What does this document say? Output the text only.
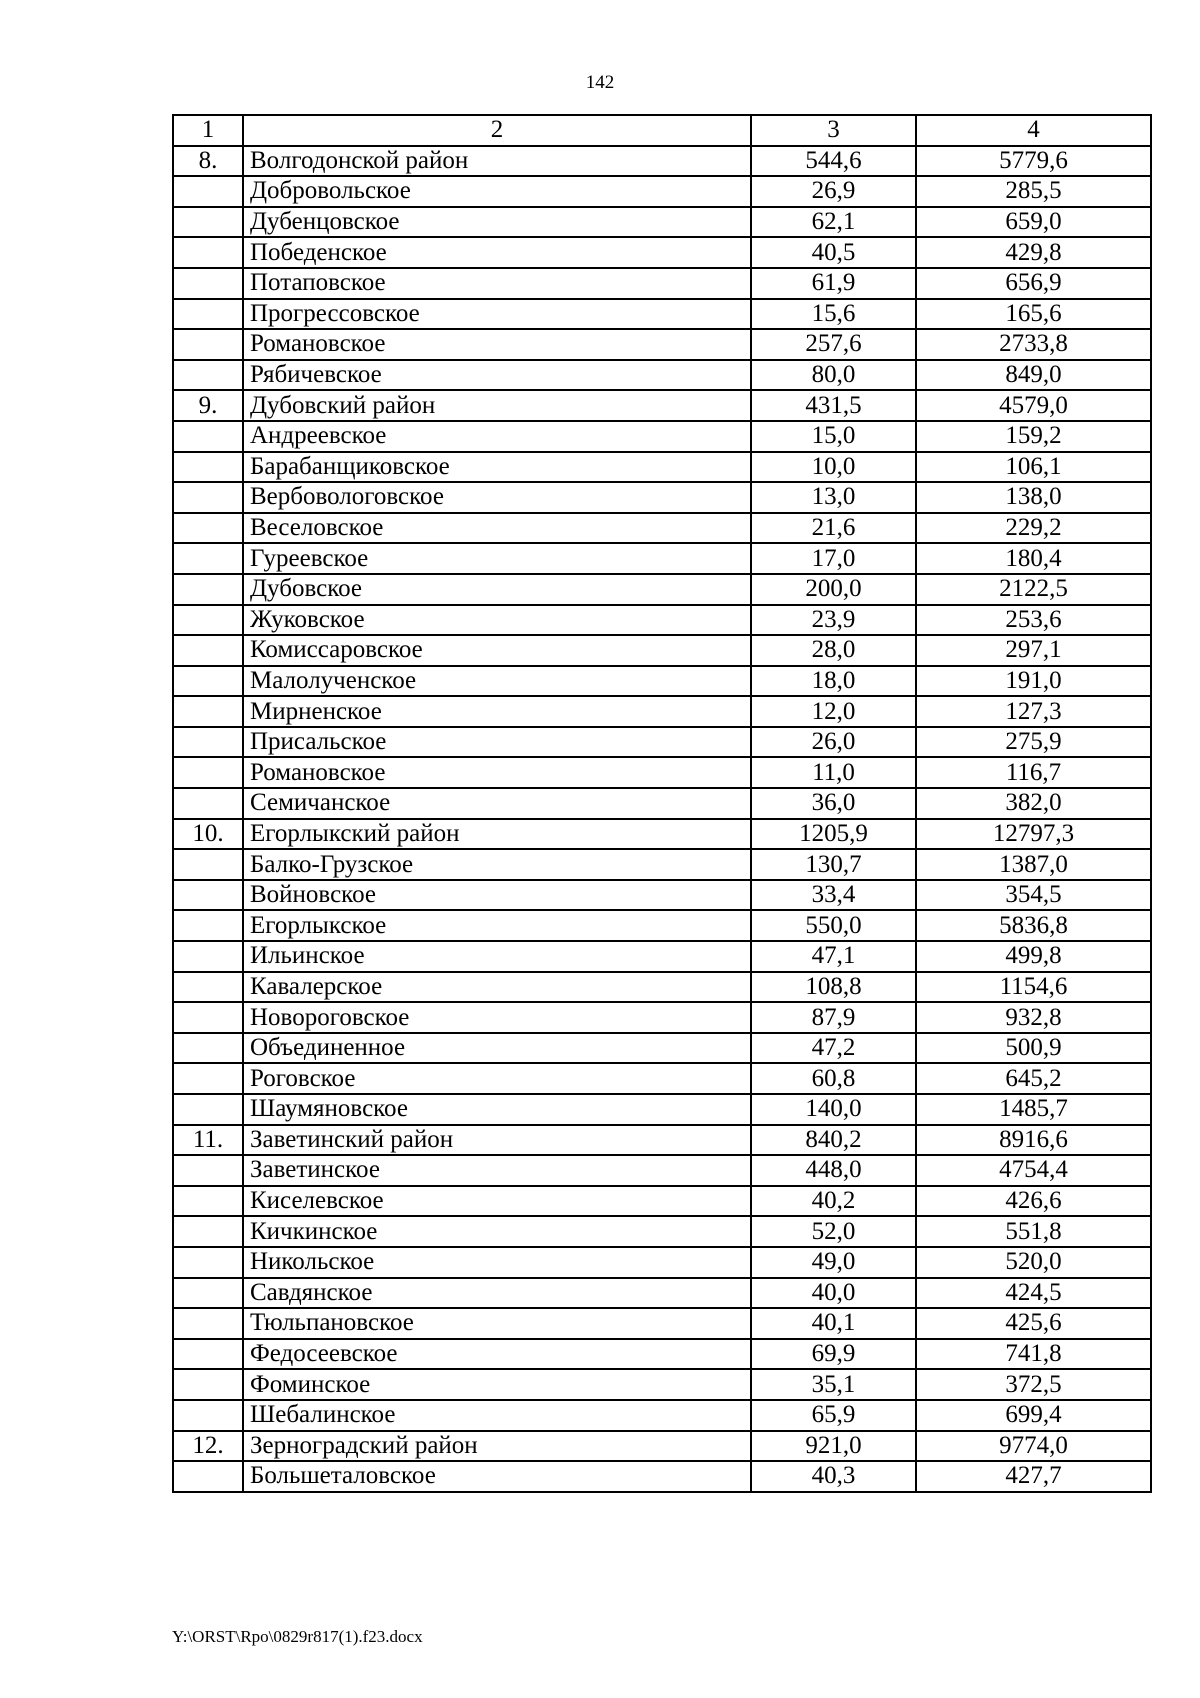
142
1	2	3	4
8.	Волгодонской район	544,6	5779,6
	Добровольское	26,9	285,5
	Дубенцовское	62,1	659,0
	Победенское	40,5	429,8
	Потаповское	61,9	656,9
	Прогрессовское	15,6	165,6
	Романовское	257,6	2733,8
	Рябичевское	80,0	849,0
9.	Дубовский район	431,5	4579,0
	Андреевское	15,0	159,2
	Барабанщиковское	10,0	106,1
	Вербовологовское	13,0	138,0
	Веселовское	21,6	229,2
	Гуреевское	17,0	180,4
	Дубовское	200,0	2122,5
	Жуковское	23,9	253,6
	Комиссаровское	28,0	297,1
	Малолученское	18,0	191,0
	Мирненское	12,0	127,3
	Присальское	26,0	275,9
	Романовское	11,0	116,7
	Семичанское	36,0	382,0
10.	Егорлыкский район	1205,9	12797,3
	Балко-Грузское	130,7	1387,0
	Войновское	33,4	354,5
	Егорлыкское	550,0	5836,8
	Ильинское	47,1	499,8
	Кавалерское	108,8	1154,6
	Новороговское	87,9	932,8
	Объединенное	47,2	500,9
	Роговское	60,8	645,2
	Шаумяновское	140,0	1485,7
11.	Заветинский район	840,2	8916,6
	Заветинское	448,0	4754,4
	Киселевское	40,2	426,6
	Кичкинское	52,0	551,8
	Никольское	49,0	520,0
	Савдянское	40,0	424,5
	Тюльпановское	40,1	425,6
	Федосеевское	69,9	741,8
	Фоминское	35,1	372,5
	Шебалинское	65,9	699,4
12.	Зерноградский район	921,0	9774,0
	Большеталовское	40,3	427,7
Y:\ORST\Rpo\0829r817(1).f23.docx
